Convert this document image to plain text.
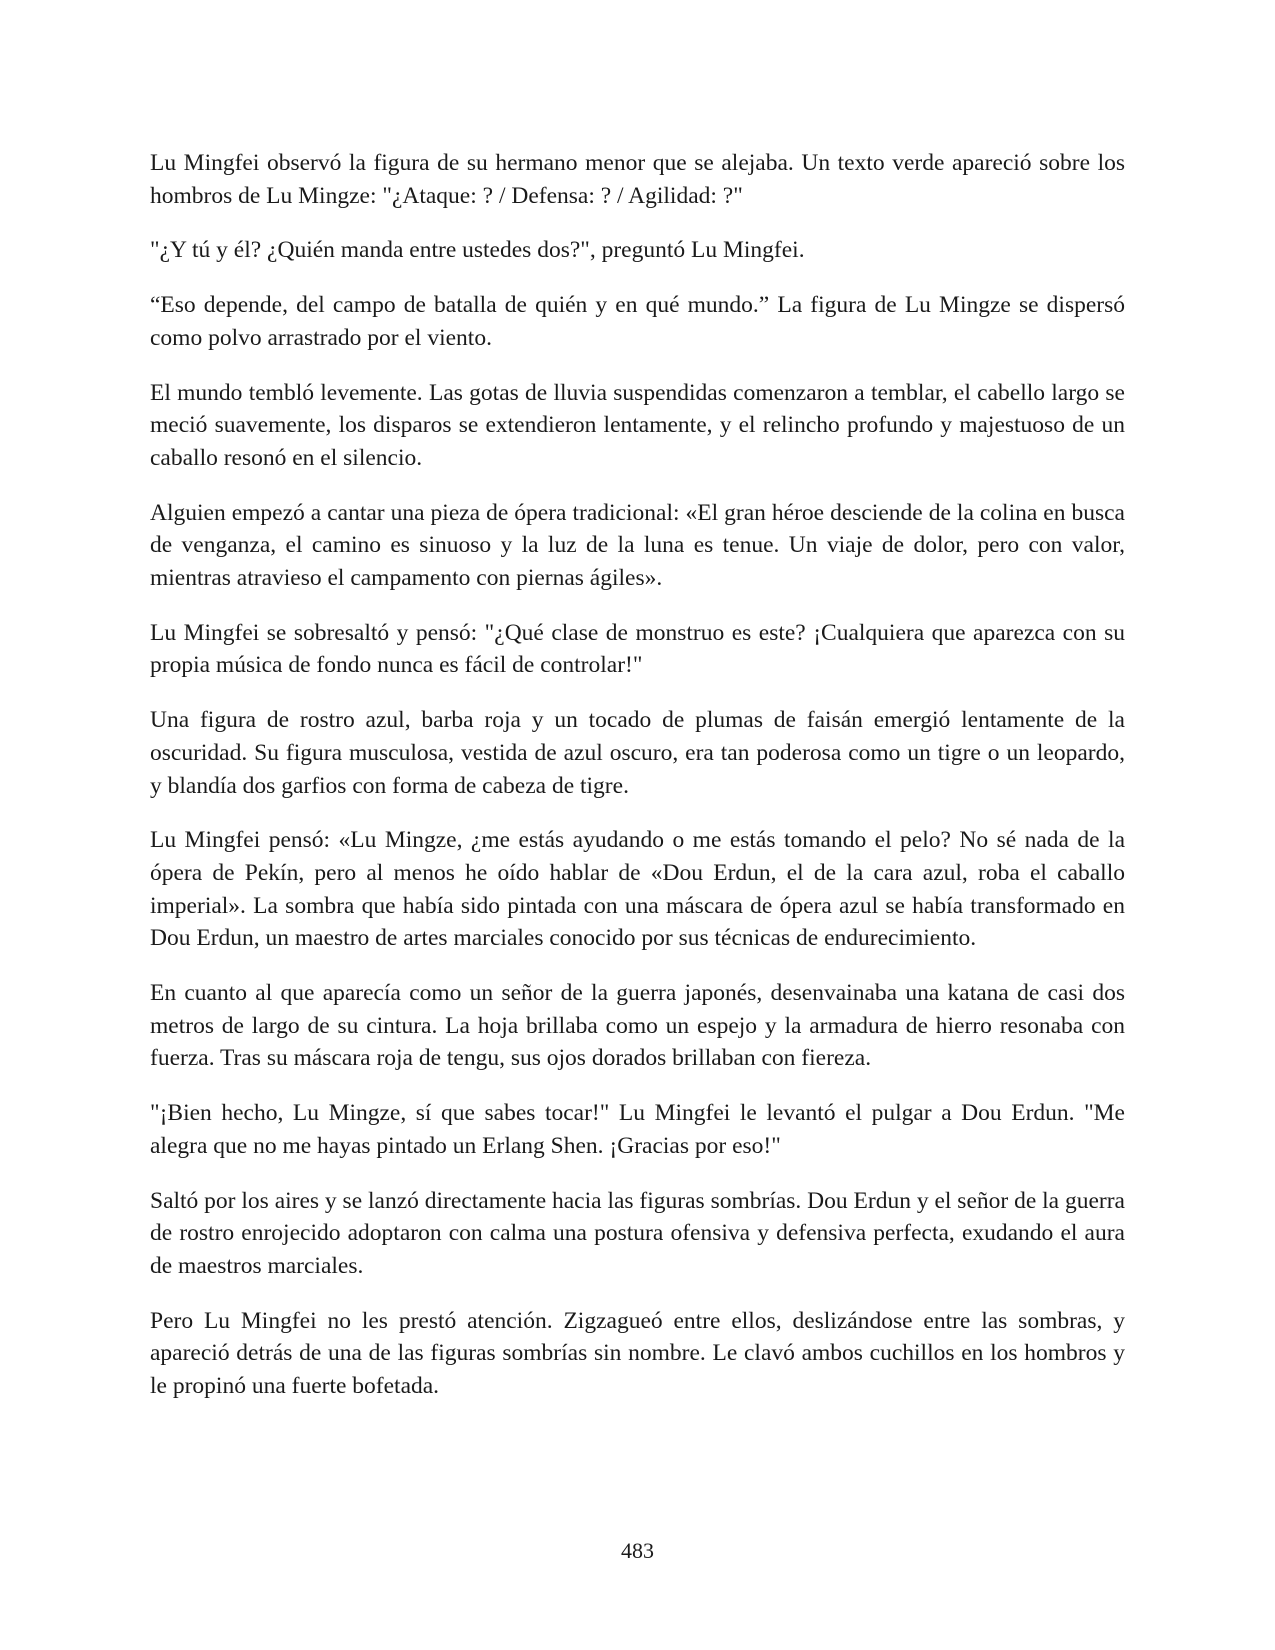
Lu Mingfei observó la figura de su hermano menor que se alejaba. Un texto verde apareció sobre los hombros de Lu Mingze: "¿Ataque: ? / Defensa: ? / Agilidad: ?"

"¿Y tú y él? ¿Quién manda entre ustedes dos?", preguntó Lu Mingfei.

“Eso depende, del campo de batalla de quién y en qué mundo.” La figura de Lu Mingze se dispersó como polvo arrastrado por el viento.

El mundo tembló levemente. Las gotas de lluvia suspendidas comenzaron a temblar, el cabello largo se meció suavemente, los disparos se extendieron lentamente, y el relincho profundo y majestuoso de un caballo resonó en el silencio.

Alguien empezó a cantar una pieza de ópera tradicional: «El gran héroe desciende de la colina en busca de venganza, el camino es sinuoso y la luz de la luna es tenue. Un viaje de dolor, pero con valor, mientras atravieso el campamento con piernas ágiles».

Lu Mingfei se sobresaltó y pensó: "¿Qué clase de monstruo es este? ¡Cualquiera que aparezca con su propia música de fondo nunca es fácil de controlar!"

Una figura de rostro azul, barba roja y un tocado de plumas de faisán emergió lentamente de la oscuridad. Su figura musculosa, vestida de azul oscuro, era tan poderosa como un tigre o un leopardo, y blandía dos garfios con forma de cabeza de tigre.

Lu Mingfei pensó: «Lu Mingze, ¿me estás ayudando o me estás tomando el pelo? No sé nada de la ópera de Pekín, pero al menos he oído hablar de «Dou Erdun, el de la cara azul, roba el caballo imperial». La sombra que había sido pintada con una máscara de ópera azul se había transformado en Dou Erdun, un maestro de artes marciales conocido por sus técnicas de endurecimiento.

En cuanto al que aparecía como un señor de la guerra japonés, desenvainaba una katana de casi dos metros de largo de su cintura. La hoja brillaba como un espejo y la armadura de hierro resonaba con fuerza. Tras su máscara roja de tengu, sus ojos dorados brillaban con fiereza.

"¡Bien hecho, Lu Mingze, sí que sabes tocar!" Lu Mingfei le levantó el pulgar a Dou Erdun. "Me alegra que no me hayas pintado un Erlang Shen. ¡Gracias por eso!"

Saltó por los aires y se lanzó directamente hacia las figuras sombrías. Dou Erdun y el señor de la guerra de rostro enrojecido adoptaron con calma una postura ofensiva y defensiva perfecta, exudando el aura de maestros marciales.

Pero Lu Mingfei no les prestó atención. Zigzagueó entre ellos, deslizándose entre las sombras, y apareció detrás de una de las figuras sombrías sin nombre. Le clavó ambos cuchillos en los hombros y le propinó una fuerte bofetada.

483
